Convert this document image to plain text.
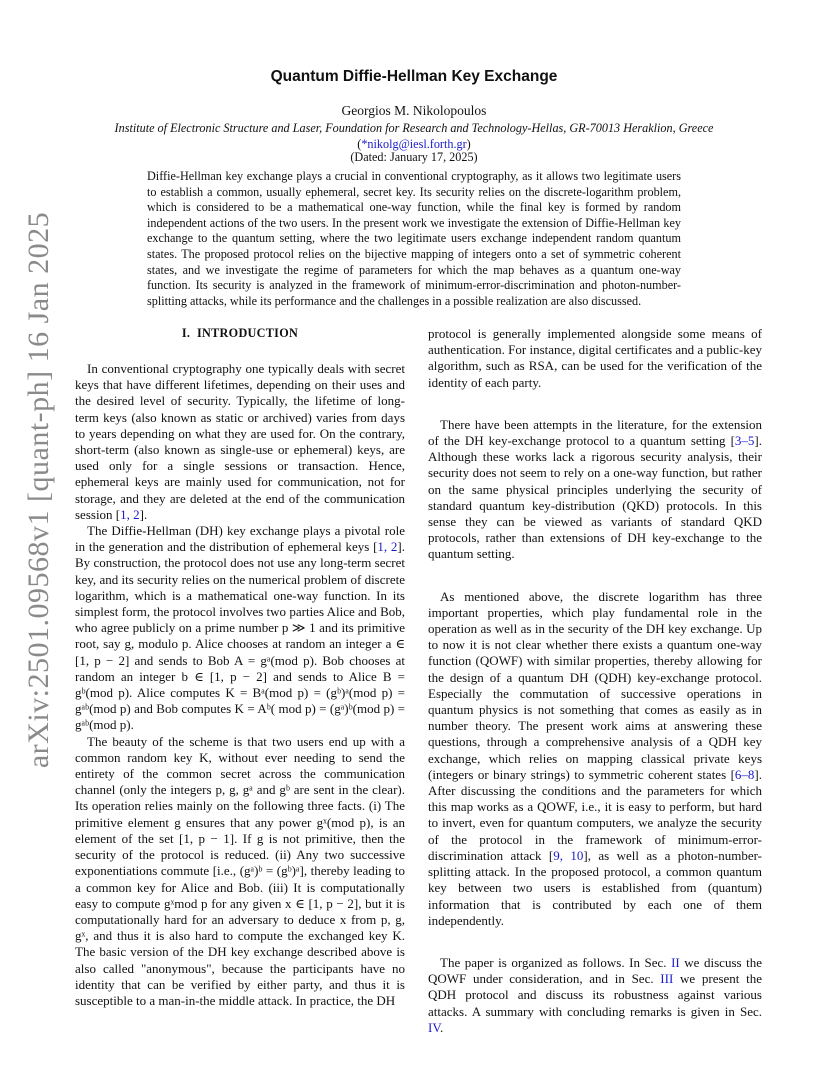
arXiv:2501.09568v1 [quant-ph] 16 Jan 2025
Quantum Diffie-Hellman Key Exchange
Georgios M. Nikolopoulos
Institute of Electronic Structure and Laser, Foundation for Research and Technology-Hellas, GR-70013 Heraklion, Greece
(*nikolg@iesl.forth.gr)
(Dated: January 17, 2025)
Diffie-Hellman key exchange plays a crucial in conventional cryptography, as it allows two legitimate users to establish a common, usually ephemeral, secret key. Its security relies on the discrete-logarithm problem, which is considered to be a mathematical one-way function, while the final key is formed by random independent actions of the two users. In the present work we investigate the extension of Diffie-Hellman key exchange to the quantum setting, where the two legitimate users exchange independent random quantum states. The proposed protocol relies on the bijective mapping of integers onto a set of symmetric coherent states, and we investigate the regime of parameters for which the map behaves as a quantum one-way function. Its security is analyzed in the framework of minimum-error-discrimination and photon-number-splitting attacks, while its performance and the challenges in a possible realization are also discussed.
I. INTRODUCTION

In conventional cryptography one typically deals with secret keys that have different lifetimes, depending on their uses and the desired level of security. Typically, the lifetime of long-term keys (also known as static or archived) varies from days to years depending on what they are used for. On the contrary, short-term (also known as single-use or ephemeral) keys, are used only for a single sessions or transaction. Hence, ephemeral keys are mainly used for communication, not for storage, and they are deleted at the end of the communication session [1, 2].

The Diffie-Hellman (DH) key exchange plays a pivotal role in the generation and the distribution of ephemeral keys [1, 2]. By construction, the protocol does not use any long-term secret key, and its security relies on the numerical problem of discrete logarithm, which is a mathematical one-way function. In its simplest form, the protocol involves two parties Alice and Bob, who agree publicly on a prime number p ≫ 1 and its primitive root, say g, modulo p. Alice chooses at random an integer a ∈ [1, p − 2] and sends to Bob A = gᵃ(mod p). Bob chooses at random an integer b ∈ [1, p − 2] and sends to Alice B = gᵇ(mod p). Alice computes K = Bᵃ(mod p) = (gᵇ)ᵃ(mod p) = gᵃᵇ(mod p) and Bob computes K = Aᵇ( mod p) = (gᵃ)ᵇ(mod p) = gᵃᵇ(mod p).

The beauty of the scheme is that two users end up with a common random key K, without ever needing to send the entirety of the common secret across the communication channel (only the integers p, g, gᵃ and gᵇ are sent in the clear). Its operation relies mainly on the following three facts. (i) The primitive element g ensures that any power gˣ(mod p), is an element of the set [1, p − 1]. If g is not primitive, then the security of the protocol is reduced. (ii) Any two successive exponentiations commute [i.e., (gᵃ)ᵇ = (gᵇ)ᵃ], thereby leading to a common key for Alice and Bob. (iii) It is computationally easy to compute gˣmod p for any given x ∈ [1, p − 2], but it is computationally hard for an adversary to deduce x from p, g, gˣ, and thus it is also hard to compute the exchanged key K. The basic version of the DH key exchange described above is also called "anonymous", because the participants have no identity that can be verified by either party, and thus it is susceptible to a man-in-the middle attack. In practice, the DH

protocol is generally implemented alongside some means of authentication. For instance, digital certificates and a public-key algorithm, such as RSA, can be used for the verification of the identity of each party.

There have been attempts in the literature, for the extension of the DH key-exchange protocol to a quantum setting [3–5]. Although these works lack a rigorous security analysis, their security does not seem to rely on a one-way function, but rather on the same physical principles underlying the security of standard quantum key-distribution (QKD) protocols. In this sense they can be viewed as variants of standard QKD protocols, rather than extensions of DH key-exchange to the quantum setting.

As mentioned above, the discrete logarithm has three important properties, which play fundamental role in the operation as well as in the security of the DH key exchange. Up to now it is not clear whether there exists a quantum one-way function (QOWF) with similar properties, thereby allowing for the design of a quantum DH (QDH) key-exchange protocol. Especially the commutation of successive operations in quantum physics is not something that comes as easily as in number theory. The present work aims at answering these questions, through a comprehensive analysis of a QDH key exchange, which relies on mapping classical private keys (integers or binary strings) to symmetric coherent states [6–8]. After discussing the conditions and the parameters for which this map works as a QOWF, i.e., it is easy to perform, but hard to invert, even for quantum computers, we analyze the security of the protocol in the framework of minimum-error-discrimination attack [9, 10], as well as a photon-number-splitting attack. In the proposed protocol, a common quantum key between two users is established from (quantum) information that is contributed by each one of them independently.

The paper is organized as follows. In Sec. II we discuss the QOWF under consideration, and in Sec. III we present the QDH protocol and discuss its robustness against various attacks. A summary with concluding remarks is given in Sec. IV.
